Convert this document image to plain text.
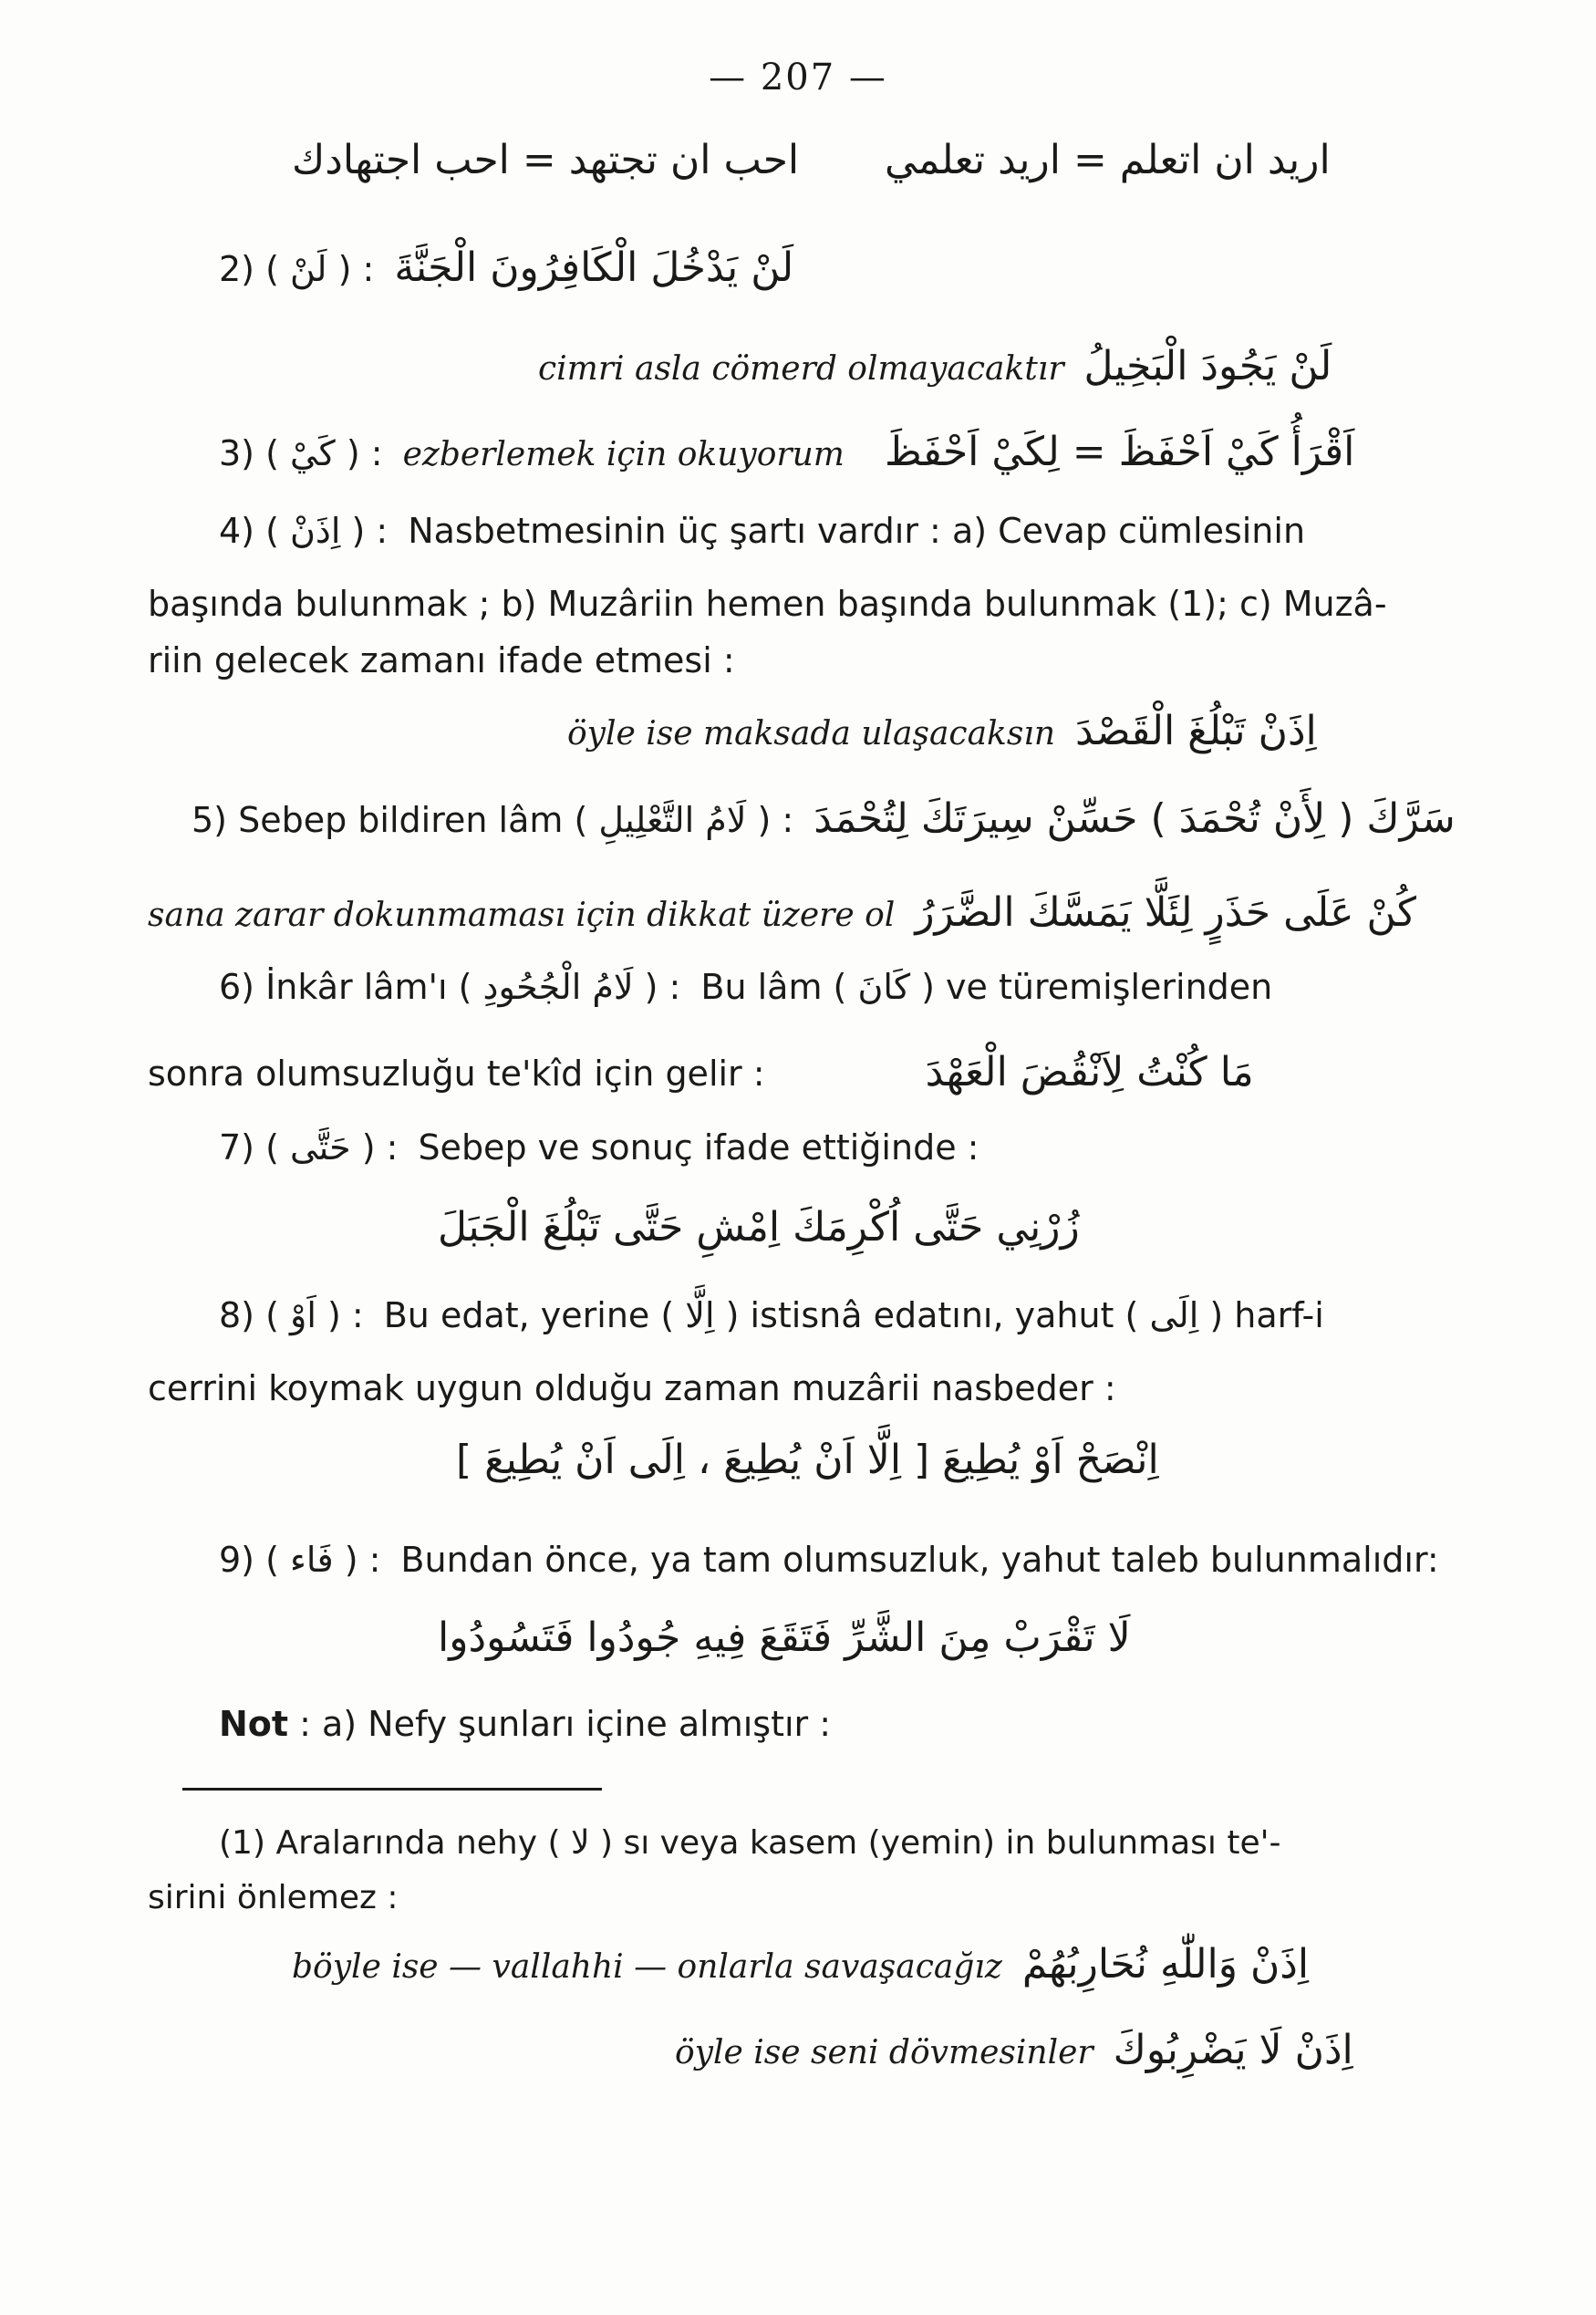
— 207 —
احب ان تجتهد = احب اجتهادك اريد ان اتعلم = اريد تعلمي
2) ( لَنْ ) : لَنْ يَدْخُلَ الْكَافِرُونَ الْجَنَّةَ
cimri asla cömerd olmayacaktır لَنْ يَجُودَ الْبَخِيلُ
3) ( كَيْ ) : ezberlemek için okuyorum اَقْرَأُ كَيْ اَحْفَظَ = لِكَيْ اَحْفَظَ
4) ( اِذَنْ ) : Nasbetmesinin üç şartı vardır : a) Cevap cümlesinin
başında bulunmak ; b) Muzâriin hemen başında bulunmak (1); c) Muzâ-
riin gelecek zamanı ifade etmesi :
öyle ise maksada ulaşacaksın اِذَنْ تَبْلُغَ الْقَصْدَ
5) Sebep bildiren lâm ( لَامُ التَّعْلِيلِ ) : سَرَّكَ ( لِأَنْ تُحْمَدَ ) حَسِّنْ سِيرَتَكَ لِتُحْمَدَ
sana zarar dokunmaması için dikkat üzere ol كُنْ عَلَى حَذَرٍ لِئَلَّا يَمَسَّكَ الضَّرَرُ
6) İnkâr lâm'ı ( لَامُ الْجُحُودِ ) : Bu lâm ( كَانَ ) ve türemişlerinden
sonra olumsuzluğu te'kîd için gelir :	مَا كُنْتُ لِاَنْقُضَ الْعَهْدَ
7) ( حَتَّى ) : Sebep ve sonuç ifade ettiğinde :
زُرْنِي حَتَّى اُكْرِمَكَ اِمْشِ حَتَّى تَبْلُغَ الْجَبَلَ
8) ( اَوْ ) : Bu edat, yerine ( اِلَّا ) istisnâ edatını, yahut ( اِلَى ) harf-i
cerrini koymak uygun olduğu zaman muzârii nasbeder :
اِنْصَحْ اَوْ يُطِيعَ [ اِلَّا اَنْ يُطِيعَ ، اِلَى اَنْ يُطِيعَ ]
9) ( فَاء ) : Bundan önce, ya tam olumsuzluk, yahut taleb bulunmalıdır:
لَا تَقْرَبْ مِنَ الشَّرِّ فَتَقَعَ فِيهِ جُودُوا فَتَسُودُوا
Not : a) Nefy şunları içine almıştır :
(1) Aralarında nehy ( لا ) sı veya kasem (yemin) in bulunması te'-
sirini önlemez :
böyle ise — vallahhi — onlarla savaşacağız اِذَنْ وَاللّٰهِ نُحَارِبُهُمْ
öyle ise seni dövmesinler اِذَنْ لَا يَضْرِبُوكَ
